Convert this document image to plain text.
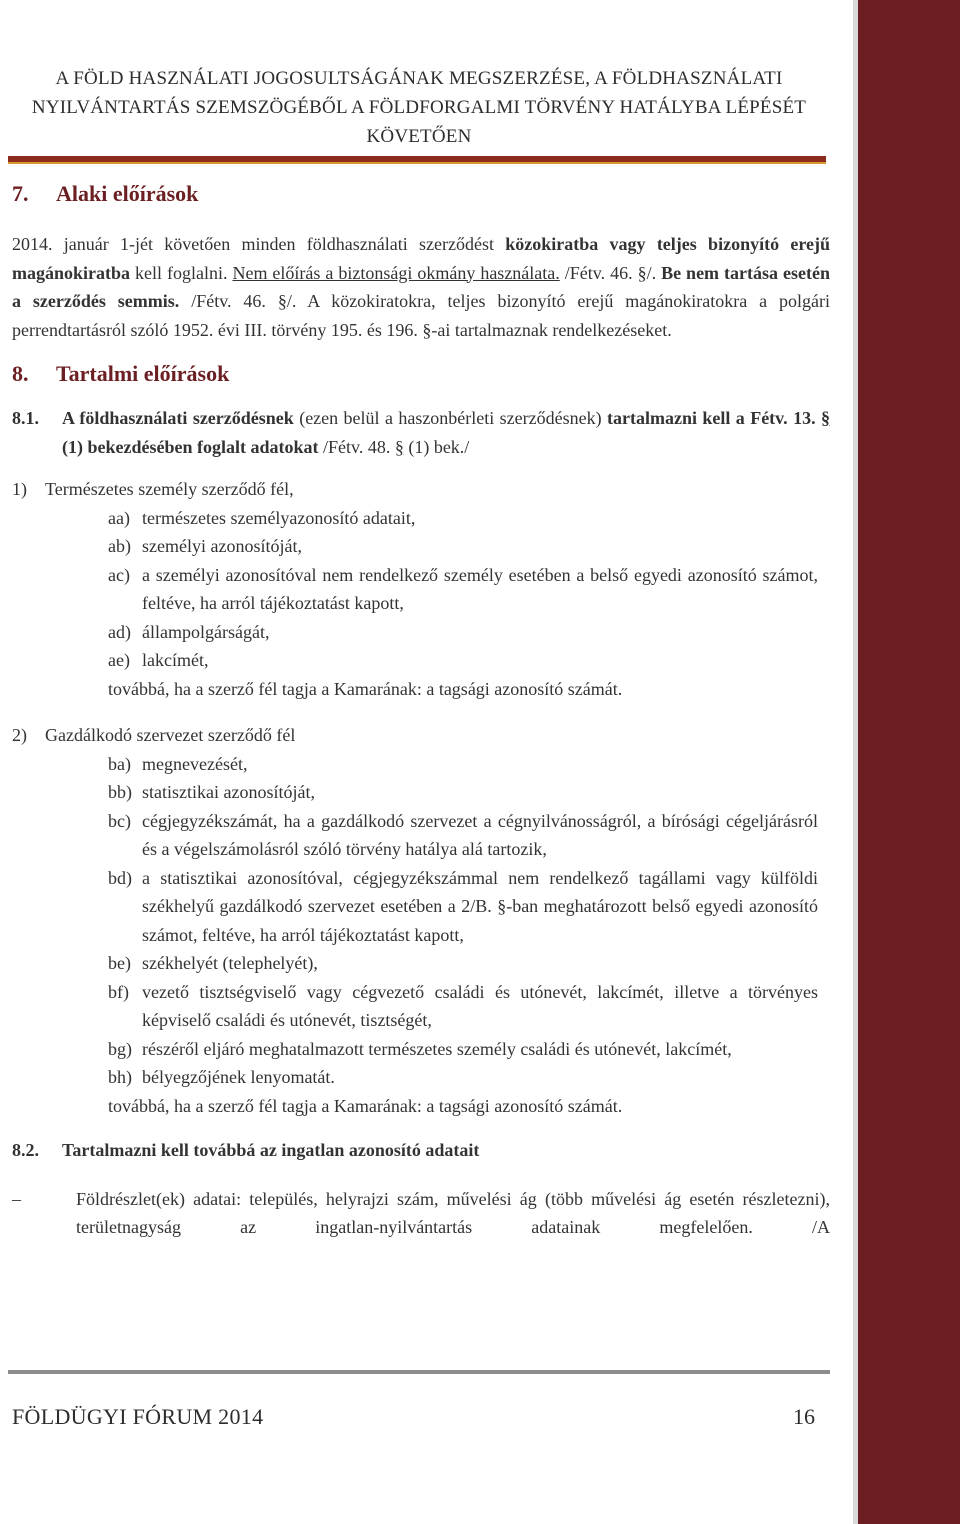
A FÖLD HASZNÁLATI JOGOSULTSÁGÁNAK MEGSZERZÉSE, A FÖLDHASZNÁLATI
NYILVÁNTARTÁS SZEMSZÖGÉBŐL A FÖLDFORGALMI TÖRVÉNY HATÁLYBA LÉPÉSÉT
KÖVETŐEN
7. Alaki előírások

2014. január 1-jét követően minden földhasználati szerződést közokiratba vagy teljes bizonyító erejű magánokiratba kell foglalni. Nem előírás a biztonsági okmány használata. /Fétv. 46. §/. Be nem tartása esetén a szerződés semmis. /Fétv. 46. §/. A közokiratokra, teljes bizonyító erejű magánokiratokra a polgári perrendtartásról szóló 1952. évi III. törvény 195. és 196. §-ai tartalmaznak rendelkezéseket.

8. Tartalmi előírások
8.1.	A földhasználati szerződésnek (ezen belül a haszonbérleti szerződésnek) tartalmazni kell a Fétv. 13. § (1) bekezdésében foglalt adatokat /Fétv. 48. § (1) bek./
1) Természetes személy szerződő fél,
aa) természetes személyazonosító adatait,
ab) személyi azonosítóját,
ac) a személyi azonosítóval nem rendelkező személy esetében a belső egyedi azonosító számot, feltéve, ha arról tájékoztatást kapott,
ad) állampolgárságát,
ae) lakcímét,
továbbá, ha a szerző fél tagja a Kamarának: a tagsági azonosító számát.
2) Gazdálkodó szervezet szerződő fél
ba) megnevezését,
bb) statisztikai azonosítóját,
bc) cégjegyzékszámát, ha a gazdálkodó szervezet a cégnyilvánosságról, a bírósági cégeljárásról és a végelszámolásról szóló törvény hatálya alá tartozik,
bd) a statisztikai azonosítóval, cégjegyzékszámmal nem rendelkező tagállami vagy külföldi székhelyű gazdálkodó szervezet esetében a 2/B. §-ban meghatározott belső egyedi azonosító számot, feltéve, ha arról tájékoztatást kapott,
be) székhelyét (telephelyét),
bf) vezető tisztségviselő vagy cégvezető családi és utónevét, lakcímét, illetve a törvényes képviselő családi és utónevét, tisztségét,
bg) részéről eljáró meghatalmazott természetes személy családi és utónevét, lakcímét,
bh) bélyegzőjének lenyomatát.
továbbá, ha a szerző fél tagja a Kamarának: a tagsági azonosító számát.
8.2.	Tartalmazni kell továbbá az ingatlan azonosító adatait
–	Földrészlet(ek) adatai: település, helyrajzi szám, művelési ág (több művelési ág esetén részletezni), területnagyság az ingatlan-nyilvántartás adatainak megfelelően. /A
FÖLDÜGYI FÓRUM 2014	16
